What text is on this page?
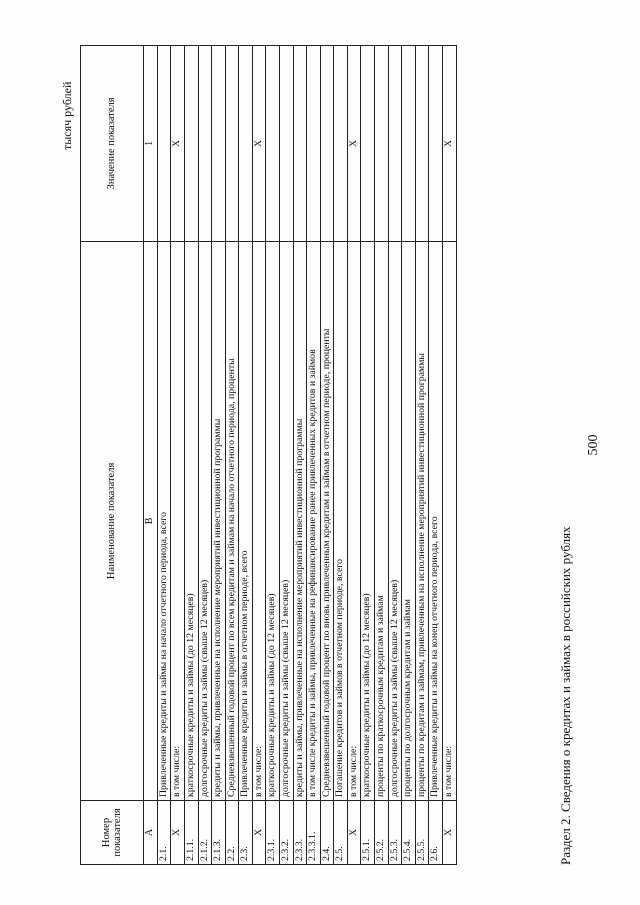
500
Раздел 2. Сведения о кредитах и займах в российских рублях
тысяч рублей
Номер показателя	Наименование показателя	Значение показателя
А	В	1
2.1.	Привлеченные кредиты и займы на начало отчетного периода, всего	
X	в том числе:	X
2.1.1.	краткосрочные кредиты и займы (до 12 месяцев)	
2.1.2.	долгосрочные кредиты и займы (свыше 12 месяцев)	
2.1.3.	кредиты и займы, привлеченные на исполнение мероприятий инвестиционной программы	
2.2.	Средневзвешенный годовой процент по всем кредитам и займам на начало отчетного периода, проценты	
2.3.	Привлеченные кредиты и займы в отчетном периоде, всего	
X	в том числе:	X
2.3.1.	краткосрочные кредиты и займы (до 12 месяцев)	
2.3.2.	долгосрочные кредиты и займы (свыше 12 месяцев)	
2.3.3.	кредиты и займы, привлеченные на исполнение мероприятий инвестиционной программы	
2.3.3.1.	в том числе кредиты и займы, привлеченные на рефинансирование ранее привлеченных кредитов и займов	
2.4.	Средневзвешенный годовой процент по вновь привлеченным кредитам и займам в отчетном периоде, проценты	
2.5.	Погашение кредитов и займов в отчетном периоде, всего	
X	в том числе:	X
2.5.1.	краткосрочные кредиты и займы (до 12 месяцев)	
2.5.2.	проценты по краткосрочным кредитам и займам	
2.5.3.	долгосрочные кредиты и займы (свыше 12 месяцев)	
2.5.4.	проценты по долгосрочным кредитам и займам	
2.5.5.	проценты по кредитам и займам, привлеченным на исполнение мероприятий инвестиционной программы	
2.6.	Привлеченные кредиты и займы на конец отчетного периода, всего	
X	в том числе:	X
